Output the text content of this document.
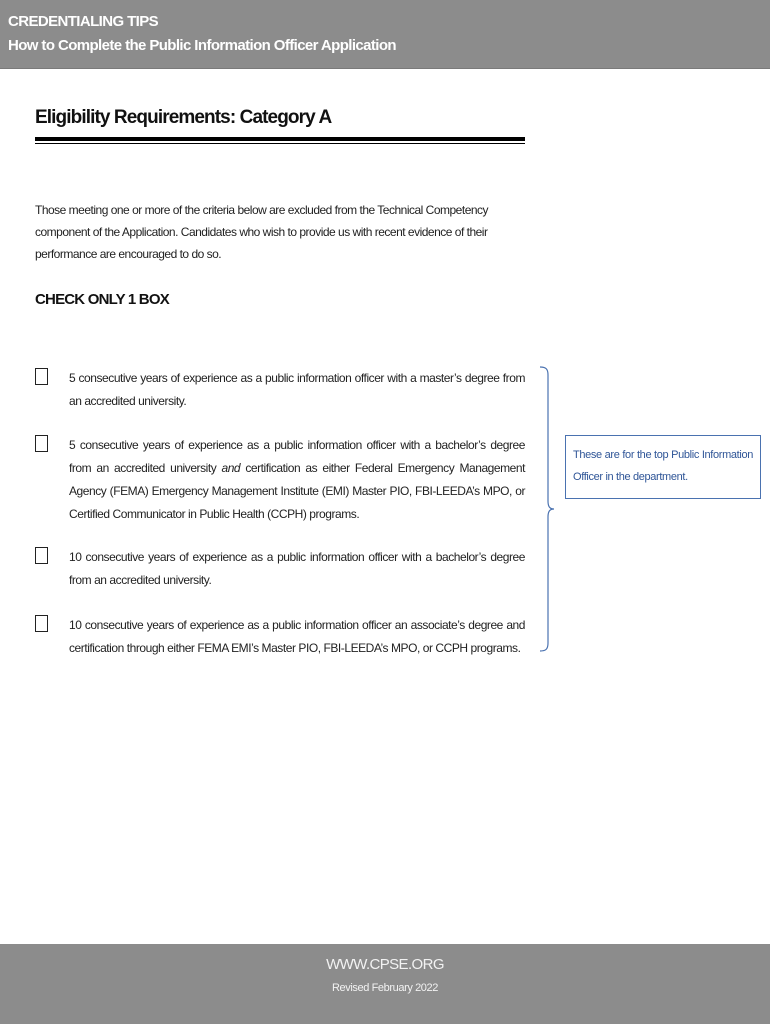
CREDENTIALING TIPS
How to Complete the Public Information Officer Application
Eligibility Requirements: Category A
Those meeting one or more of the criteria below are excluded from the Technical Competency component of the Application. Candidates who wish to provide us with recent evidence of their performance are encouraged to do so.
CHECK ONLY 1 BOX
5 consecutive years of experience as a public information officer with a master’s degree from an accredited university.
5 consecutive years of experience as a public information officer with a bachelor’s degree from an accredited university and certification as either Federal Emergency Management Agency (FEMA) Emergency Management Institute (EMI) Master PIO, FBI-LEEDA’s MPO, or Certified Communicator in Public Health (CCPH) programs.
10 consecutive years of experience as a public information officer with a bachelor’s degree from an accredited university.
10 consecutive years of experience as a public information officer an associate’s degree and certification through either FEMA EMI’s Master PIO, FBI-LEEDA’s MPO, or CCPH programs.
These are for the top Public Information Officer in the department.
WWW.CPSE.ORG
Revised February 2022
